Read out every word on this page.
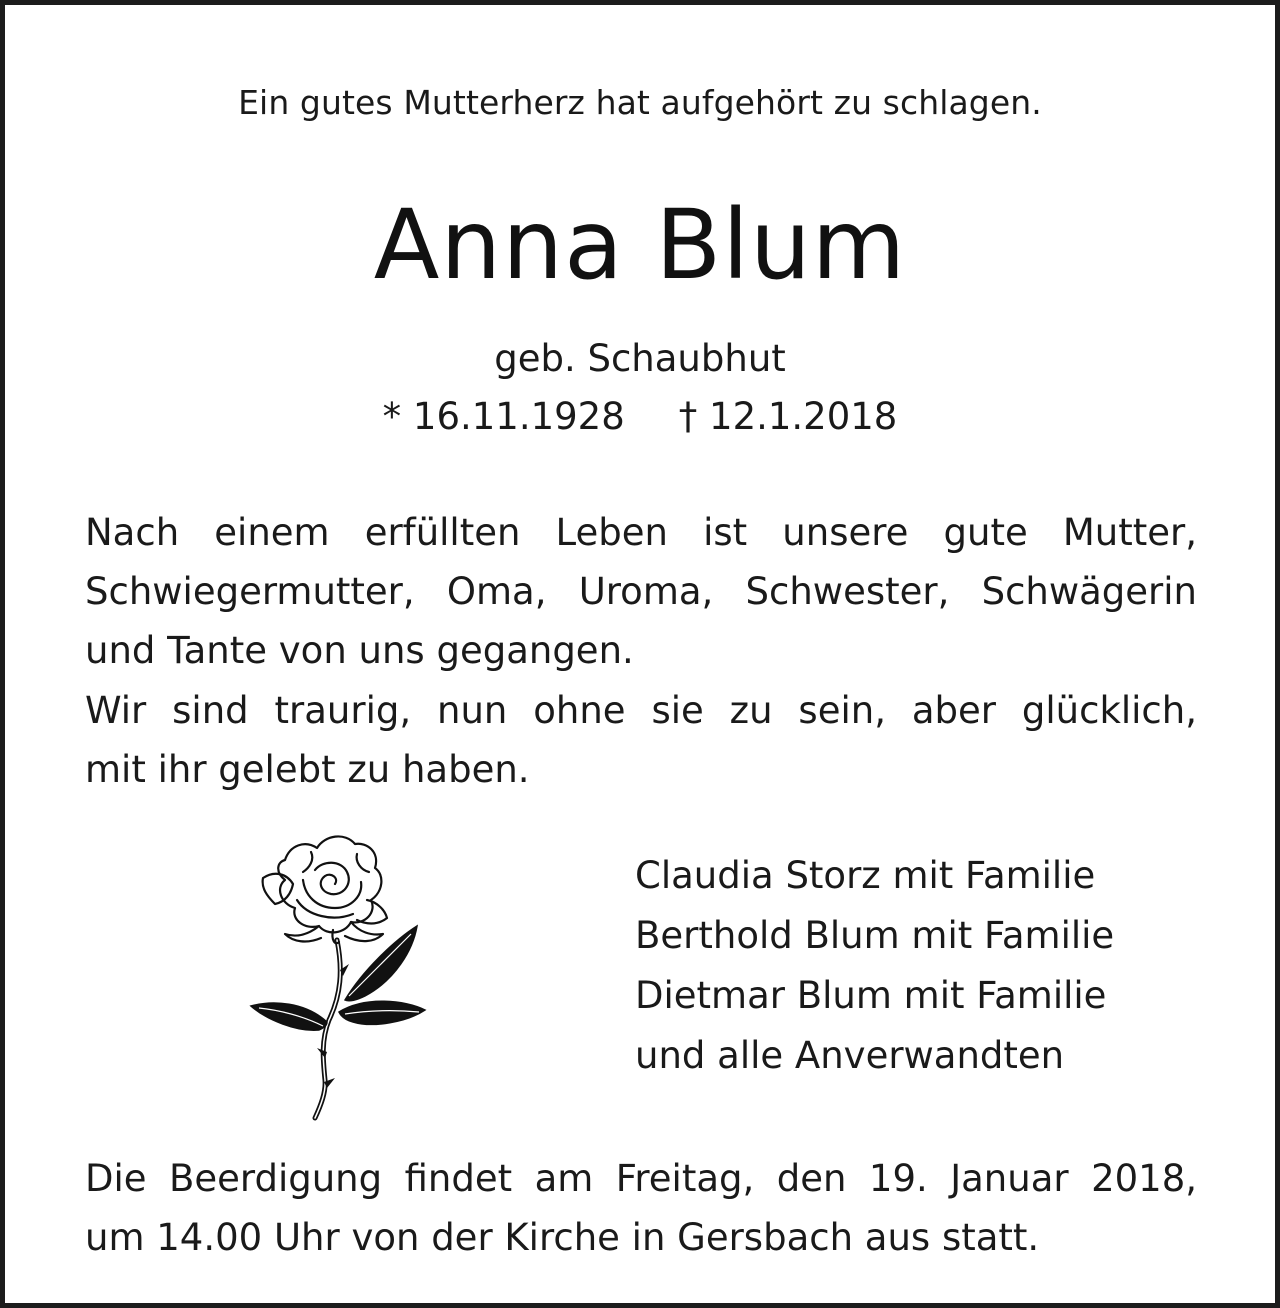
Ein gutes Mutterherz hat aufgehört zu schlagen.
Anna Blum
geb. Schaubhut
* 16.11.1928 † 12.1.2018
Nach einem erfüllten Leben ist unsere gute Mutter,
Schwiegermutter, Oma, Uroma, Schwester, Schwägerin
und Tante von uns gegangen.
Wir sind traurig, nun ohne sie zu sein, aber glücklich,
mit ihr gelebt zu haben.
Claudia Storz mit Familie
Berthold Blum mit Familie
Dietmar Blum mit Familie
und alle Anverwandten
Die Beerdigung findet am Freitag, den 19. Januar 2018,
um 14.00 Uhr von der Kirche in Gersbach aus statt.
